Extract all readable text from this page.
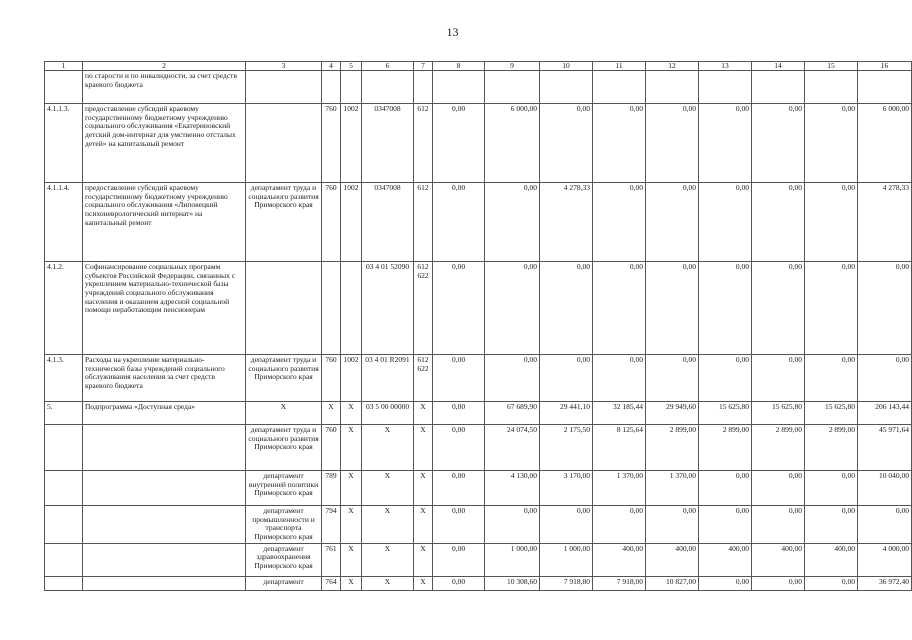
13
1	2	3	4	5	6	7	8	9	10	11	12	13	14	15	16
	по старости и по инвалидности, за счет средств краевого бюджета														
4.1.1.3.	предоставление субсидий краевому государственному бюджетному учреждению социального обслуживания «Екатериновский детский дом-интернат для умственно отсталых детей» на капитальный ремонт		760	1002	0347008	612	0,00	6 000,00	0,00	0,00	0,00	0,00	0,00	0,00	6 000,00
4.1.1.4.	предоставление субсидий краевому государственному бюджетному учреждению социального обслуживания «Липовецкий психоневрологический интернат» на капитальный ремонт	департамент труда и социального развития Приморского края	760	1002	0347008	612	0,00	0,00	4 278,33	0,00	0,00	0,00	0,00	0,00	4 278,33
4.1.2.	Софинансирование социальных программ субъектов Российской Федерации, связанных с укреплением материально-технической базы учреждений социального обслуживания населения и оказанием адресной социальной помощи неработающим пенсионерам				03 4 01 52090	612 622	0,00	0,00	0,00	0,00	0,00	0,00	0,00	0,00	0,00
4.1.3.	Расходы на укрепление материально-технической базы учреждений социального обслуживания населения за счет средств краевого бюджета	департамент труда и социального развития Приморского края	760	1002	03 4 01 R2091	612 622	0,00	0,00	0,00	0,00	0,00	0,00	0,00	0,00	0,00
5.	Подпрограмма «Доступная среда»	Х	Х	Х	03 5 00 00000	Х	0,00	67 689,90	29 441,10	32 185,44	29 949,60	15 625,80	15 625,80	15 625,80	206 143,44
		департамент труда и социального развития Приморского края	760	Х	Х	Х	0,00	24 074,50	2 175,50	8 125,64	2 899,00	2 899,00	2 899,00	2 899,00	45 971,64
		департамент внутренней политики Приморского края	789	Х	Х	Х	0,00	4 130,00	3 170,00	1 370,00	1 370,00	0,00	0,00	0,00	10 040,00
		департамент промышленности и транспорта Приморского края	794	Х	Х	Х	0,00	0,00	0,00	0,00	0,00	0,00	0,00	0,00	0,00
		департамент здравоохранения Приморского края	761	Х	Х	Х	0,00	1 000,00	1 000,00	400,00	400,00	400,00	400,00	400,00	4 000,00
		департамент	764	Х	Х	Х	0,00	10 308,60	7 918,80	7 918,00	10 827,00	0,00	0,00	0,00	36 972,40
